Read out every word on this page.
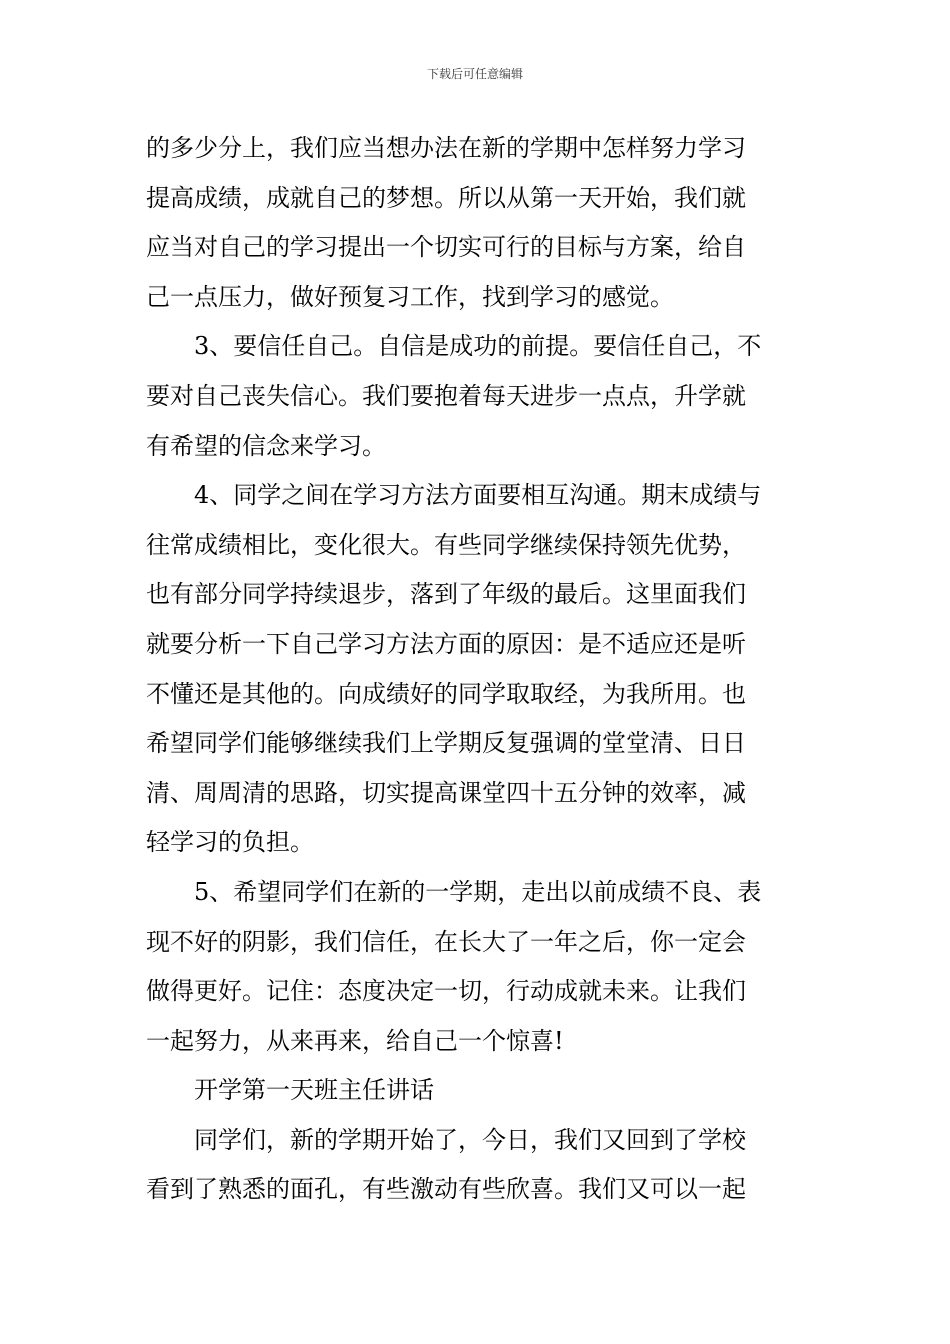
下载后可任意编辑
的多少分上，我们应当想办法在新的学期中怎样努力学习
提高成绩，成就自己的梦想。所以从第一天开始，我们就
应当对自己的学习提出一个切实可行的目标与方案，给自
己一点压力，做好预复习工作，找到学习的感觉。
3、要信任自己。自信是成功的前提。要信任自己，不
要对自己丧失信心。我们要抱着每天进步一点点，升学就
有希望的信念来学习。
4、同学之间在学习方法方面要相互沟通。期末成绩与
往常成绩相比，变化很大。有些同学继续保持领先优势，
也有部分同学持续退步，落到了年级的最后。这里面我们
就要分析一下自己学习方法方面的原因：是不适应还是听
不懂还是其他的。向成绩好的同学取取经，为我所用。也
希望同学们能够继续我们上学期反复强调的堂堂清、日日
清、周周清的思路，切实提高课堂四十五分钟的效率，减
轻学习的负担。
5、希望同学们在新的一学期，走出以前成绩不良、表
现不好的阴影，我们信任，在长大了一年之后，你一定会
做得更好。记住：态度决定一切，行动成就未来。让我们
一起努力，从来再来，给自己一个惊喜!
开学第一天班主任讲话
同学们，新的学期开始了，今日，我们又回到了学校
看到了熟悉的面孔，有些激动有些欣喜。我们又可以一起
